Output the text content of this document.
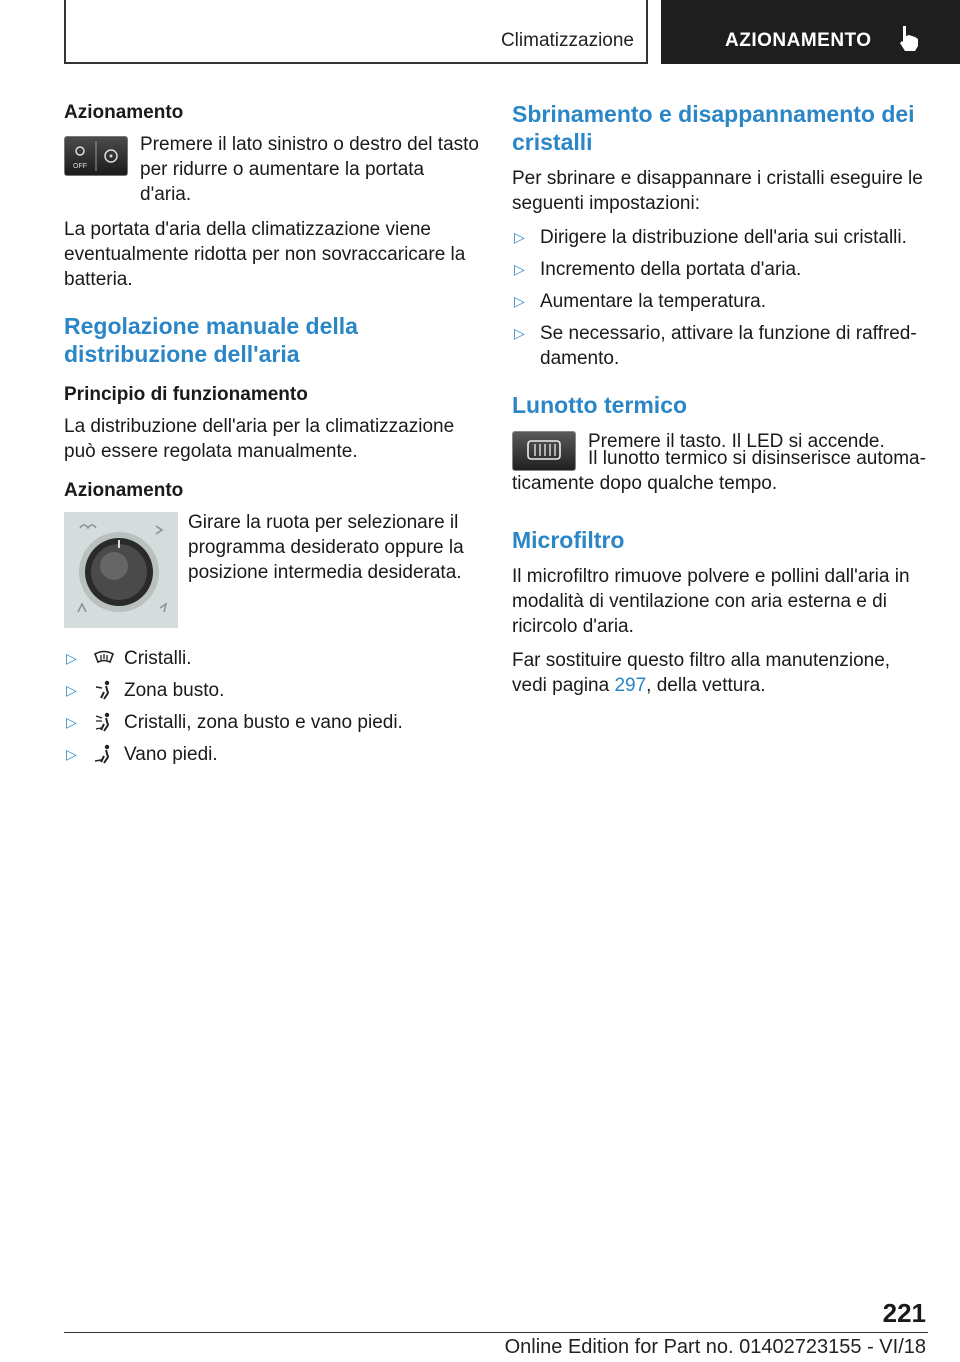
Climatizzazione	AZIONAMENTO
Azionamento
OFF

Premere il lato sinistro o destro del tasto per ridurre o aumentare la portata d'aria.

La portata d'aria della climatizzazione viene eventualmente ridotta per non sovraccaricare la batteria.

Regolazione manuale della distribuzione dell'aria
Principio di funzionamento

La distribuzione dell'aria per la climatizzazione può essere regolata manualmente.

Azionamento

Girare la ruota per selezionare il programma desiderato oppure la posizione intermedia desiderata.

▷	Cristalli.
▷	Zona busto.
▷	Cristalli, zona busto e vano piedi.
▷	Vano piedi.
Sbrinamento e disappannamento dei cristalli

Per sbrinare e disappannare i cristalli eseguire le seguenti impostazioni:

▷ Dirigere la distribuzione dell'aria sui cristalli.
▷ Incremento della portata d'aria.
▷ Aumentare la temperatura.
▷ Se necessario, attivare la funzione di raffreddamento.
Lunotto termico

Premere il tasto. Il LED si accende.

Il lunotto termico si disinserisce automaticamente dopo qualche tempo.

Microfiltro

Il microfiltro rimuove polvere e pollini dall'aria in modalità di ventilazione con aria esterna e di ricircolo d'aria.

Far sostituire questo filtro alla manutenzione, vedi pagina 297, della vettura.

221
Online Edition for Part no. 01402723155 - VI/18
